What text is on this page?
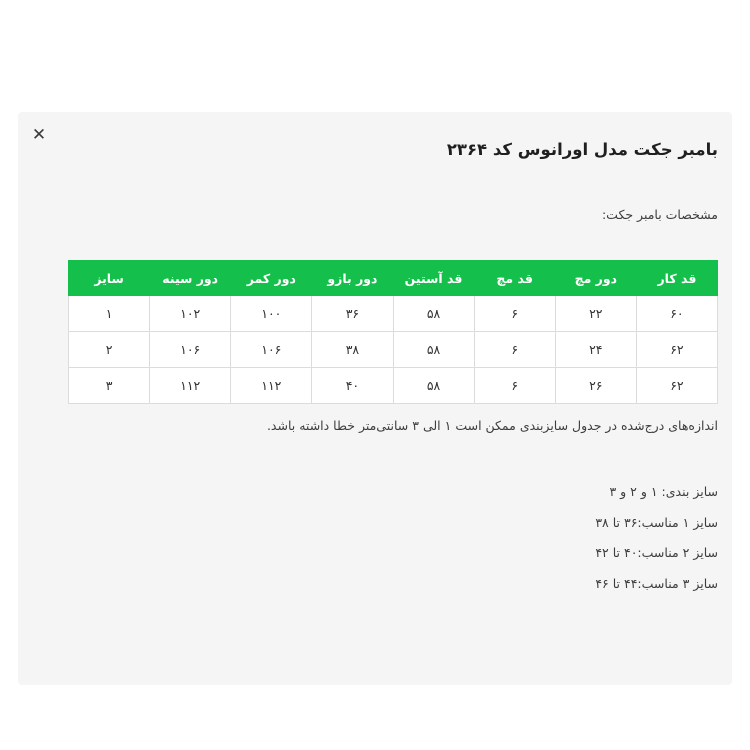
✕
بامبر جکت مدل اورانوس کد ۲۳۶۴
مشخصات بامبر جکت:
قد کار	دور مچ	قد مچ	قد آستین	دور بازو	دور کمر	دور سینه	سایز
۶۰	۲۲	۶	۵۸	۳۶	۱۰۰	۱۰۲	۱
۶۲	۲۴	۶	۵۸	۳۸	۱۰۶	۱۰۶	۲
۶۲	۲۶	۶	۵۸	۴۰	۱۱۲	۱۱۲	۳
اندازه‌های درج‌شده در جدول سایزبندی ممکن است ۱ الی ۳ سانتی‌متر خطا داشته باشد.
سایز بندی: ۱ و ۲ و ۳
سایز ۱ مناسب:۳۶ تا ۳۸
سایز ۲ مناسب:۴۰ تا ۴۲
سایز ۳ مناسب:۴۴ تا ۴۶
